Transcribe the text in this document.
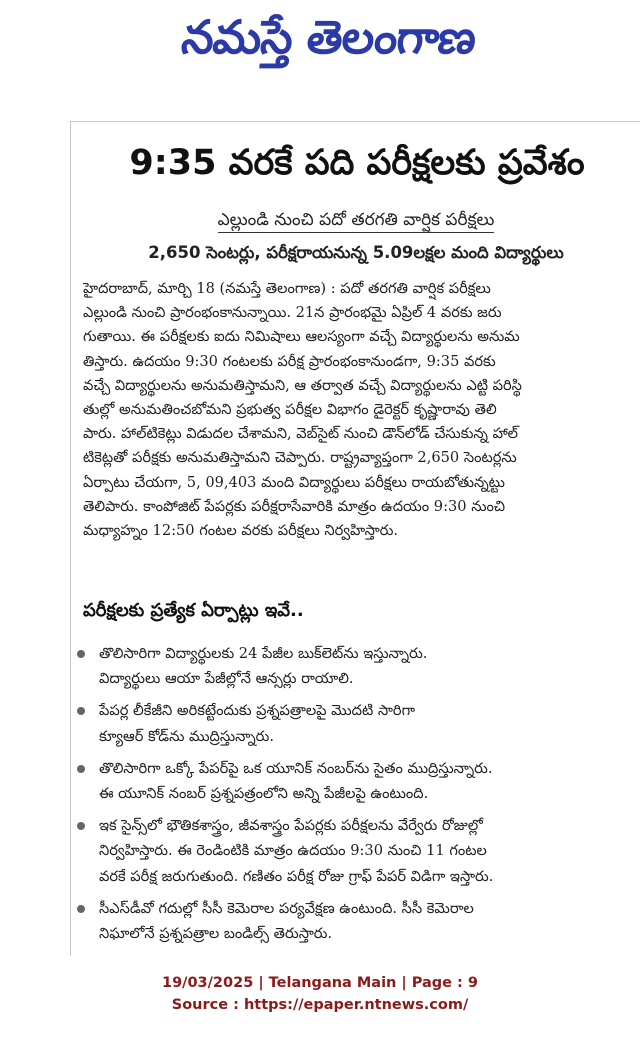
నమస్తే తెలంగాణ
9:35 వరకే పది పరీక్షలకు ప్రవేశం
ఎల్లుండి నుంచి పదో తరగతి వార్షిక పరీక్షలు
2,650 సెంటర్లు, పరీక్షరాయనున్న 5.09లక్షల మంది విద్యార్థులు
హైదరాబాద్, మార్చి 18 (నమస్తే తెలంగాణ) : పదో తరగతి వార్షిక పరీక్షలు
ఎల్లుండి నుంచి ప్రారంభంకానున్నాయి. 21న ప్రారంభమై ఏప్రిల్ 4 వరకు జరు
గుతాయి. ఈ పరీక్షలకు ఐదు నిమిషాలు ఆలస్యంగా వచ్చే విద్యార్థులను అనుమ
తిస్తారు. ఉదయం 9:30 గంటలకు పరీక్ష ప్రారంభంకానుండగా, 9:35 వరకు
వచ్చే విద్యార్థులను అనుమతిస్తామని, ఆ తర్వాత వచ్చే విద్యార్థులను ఎట్టి పరిస్థి
తుల్లో అనుమతించబోమని ప్రభుత్వ పరీక్షల విభాగం డైరెక్టర్ కృష్ణారావు తెలి
పారు. హాల్‌టికెట్లు విడుదల చేశామని, వెబ్‌సైట్ నుంచి డౌన్‌లోడ్ చేసుకున్న హాల్
టికెట్లతో పరీక్షకు అనుమతిస్తామని చెప్పారు. రాష్ట్రవ్యాప్తంగా 2,650 సెంటర్లను
ఏర్పాటు చేయగా, 5, 09,403 మంది విద్యార్థులు పరీక్షలు రాయబోతున్నట్టు
తెలిపారు. కాంపోజిట్ పేపర్లకు పరీక్షరాసేవారికి మాత్రం ఉదయం 9:30 నుంచి
మధ్యాహ్నం 12:50 గంటల వరకు పరీక్షలు నిర్వహిస్తారు.
పరీక్షలకు ప్రత్యేక ఏర్పాట్లు ఇవే..
తొలిసారిగా విద్యార్థులకు 24 పేజీల బుక్‌లెట్‌ను ఇస్తున్నారు.
విద్యార్థులు ఆయా పేజీల్లోనే ఆన్సర్లు రాయాలి.
పేపర్ల లీకేజీని అరికట్టేందుకు ప్రశ్నపత్రాలపై మొదటి సారిగా
క్యూఆర్ కోడ్‌ను ముద్రిస్తున్నారు.
తొలిసారిగా ఒక్కో పేపర్‌పై ఒక యూనిక్ నంబర్‌ను సైతం ముద్రిస్తున్నారు.
ఈ యూనిక్ నంబర్ ప్రశ్నపత్రంలోని అన్ని పేజీలపై ఉంటుంది.
ఇక సైన్స్‌లో భౌతికశాస్త్రం, జీవశాస్త్రం పేపర్లకు పరీక్షలను వేర్వేరు రోజుల్లో
నిర్వహిస్తారు. ఈ రెండింటికి మాత్రం ఉదయం 9:30 నుంచి 11 గంటల
వరకే పరీక్ష జరుగుతుంది. గణితం పరీక్ష రోజు గ్రాఫ్ పేపర్ విడిగా ఇస్తారు.
సీఎస్‌డీవో గదుల్లో సీసీ కెమెరాల పర్యవేక్షణ ఉంటుంది. సీసీ కెమెరాల
నిఘాలోనే ప్రశ్నపత్రాల బండిల్స్ తెరుస్తారు.
19/03/2025 | Telangana Main | Page : 9
Source : https://epaper.ntnews.com/
